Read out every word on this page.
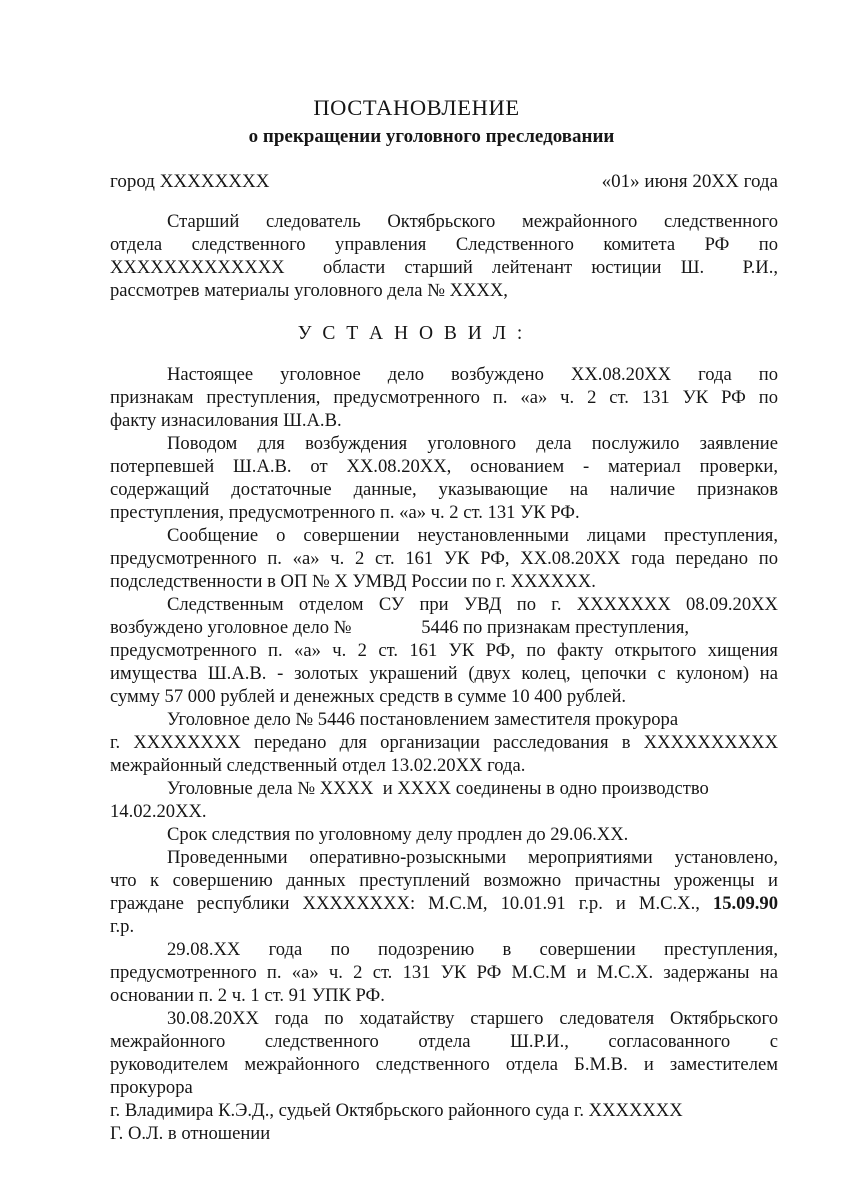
ПОСТАНОВЛЕНИЕ
о прекращении уголовного преследовании
город ХХХХХХХХ	«01» июня 20ХХ года
Старший следователь Октябрьского межрайонного следственного
отдела следственного управления Следственного комитета РФ по
ХХХХХХХХХХХХХ  области старший лейтенант юстиции Ш.  Р.И.,
рассмотрев материалы уголовного дела № ХХХХ,
У С Т А Н О В И Л :
Настоящее уголовное дело возбуждено ХХ.08.20ХХ года по
признакам преступления, предусмотренного п. «а» ч. 2 ст. 131 УК РФ по
факту изнасилования Ш.А.В.
Поводом для возбуждения уголовного дела послужило заявление
потерпевшей Ш.А.В. от ХХ.08.20ХХ, основанием - материал проверки,
содержащий достаточные данные, указывающие на наличие признаков
преступления, предусмотренного п. «а» ч. 2 ст. 131 УК РФ.
Сообщение о совершении неустановленными лицами преступления,
предусмотренного п. «а» ч. 2 ст. 161 УК РФ, ХХ.08.20ХХ года передано по
подследственности в ОП № Х УМВД России по г. ХХХХХХ.
Следственным отделом СУ при УВД по г. ХХХХХХХ 08.09.20ХХ
возбуждено уголовное дело №               5446 по признакам преступления,
предусмотренного п. «а» ч. 2 ст. 161 УК РФ, по факту открытого хищения
имущества Ш.А.В. - золотых украшений (двух колец, цепочки с кулоном) на
сумму 57 000 рублей и денежных средств в сумме 10 400 рублей.
Уголовное дело № 5446 постановлением заместителя прокурора
г. ХХХХХХХХ передано для организации расследования в ХХХХХХХХХХ
межрайонный следственный отдел 13.02.20ХХ года.
Уголовные дела № ХХХХ  и ХХХХ соединены в одно производство
14.02.20ХХ.
Срок следствия по уголовному делу продлен до 29.06.ХХ.
Проведенными оперативно-розыскными мероприятиями установлено,
что к совершению данных преступлений возможно причастны уроженцы и
граждане республики ХХХХХХХХ: М.С.М, 10.01.91 г.р. и М.С.Х., 15.09.90
г.р.
29.08.ХХ года по подозрению в совершении преступления,
предусмотренного п. «а» ч. 2 ст. 131 УК РФ М.С.М и М.С.Х. задержаны на
основании п. 2 ч. 1 ст. 91 УПК РФ.
30.08.20ХХ года по ходатайству старшего следователя Октябрьского
межрайонного следственного отдела Ш.Р.И., согласованного с
руководителем межрайонного следственного отдела Б.М.В. и заместителем
прокурора
г. Владимира К.Э.Д., судьей Октябрьского районного суда г. ХХХХХХХ
Г. О.Л. в отношении
